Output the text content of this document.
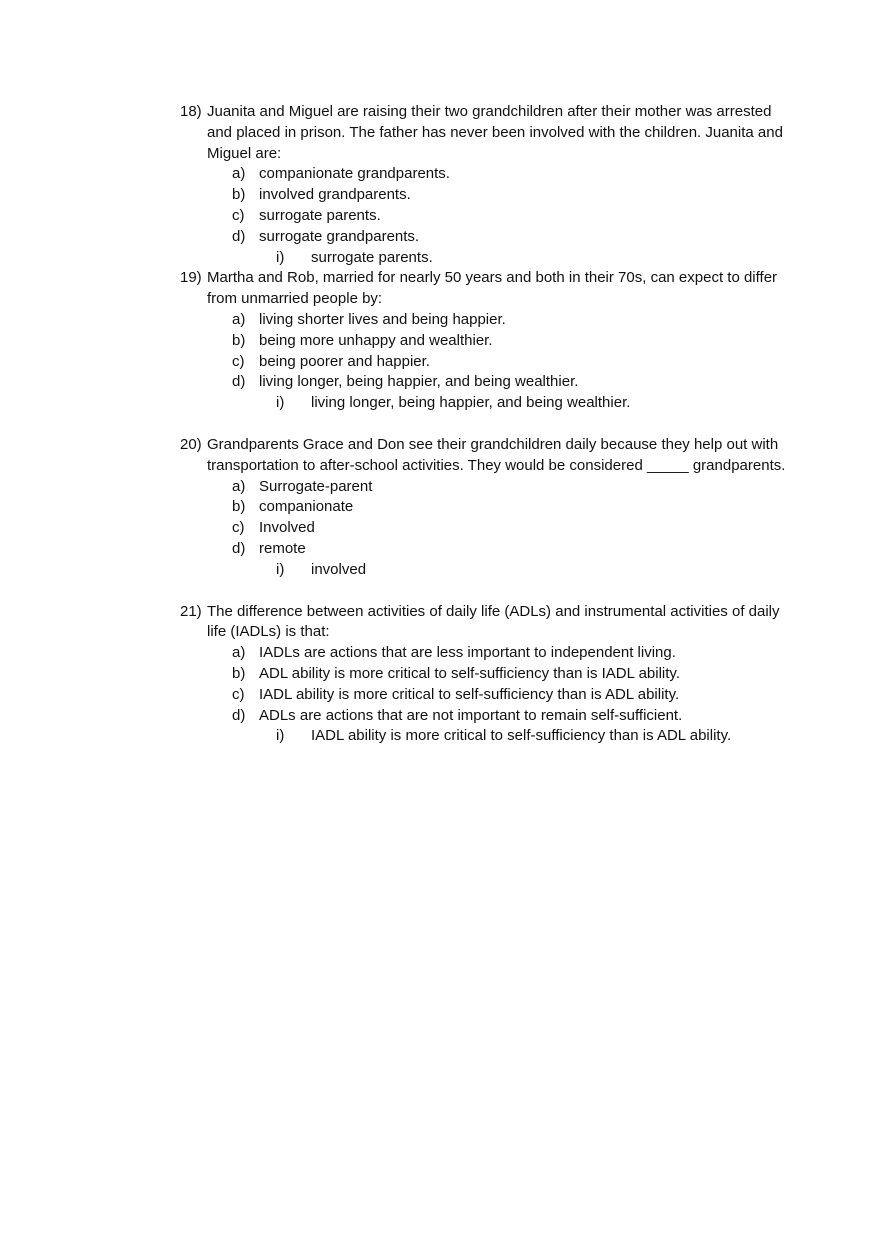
18) Juanita and Miguel are raising their two grandchildren after their mother was arrested and placed in prison. The father has never been involved with the children. Juanita and Miguel are:
a) companionate grandparents.
b) involved grandparents.
c) surrogate parents.
d) surrogate grandparents.
i) surrogate parents.
19) Martha and Rob, married for nearly 50 years and both in their 70s, can expect to differ from unmarried people by:
a) living shorter lives and being happier.
b) being more unhappy and wealthier.
c) being poorer and happier.
d) living longer, being happier, and being wealthier.
i) living longer, being happier, and being wealthier.
20) Grandparents Grace and Don see their grandchildren daily because they help out with transportation to after-school activities. They would be considered _____ grandparents.
a) Surrogate-parent
b) companionate
c) Involved
d) remote
i) involved
21) The difference between activities of daily life (ADLs) and instrumental activities of daily life (IADLs) is that:
a) IADLs are actions that are less important to independent living.
b) ADL ability is more critical to self-sufficiency than is IADL ability.
c) IADL ability is more critical to self-sufficiency than is ADL ability.
d) ADLs are actions that are not important to remain self-sufficient.
i) IADL ability is more critical to self-sufficiency than is ADL ability.
